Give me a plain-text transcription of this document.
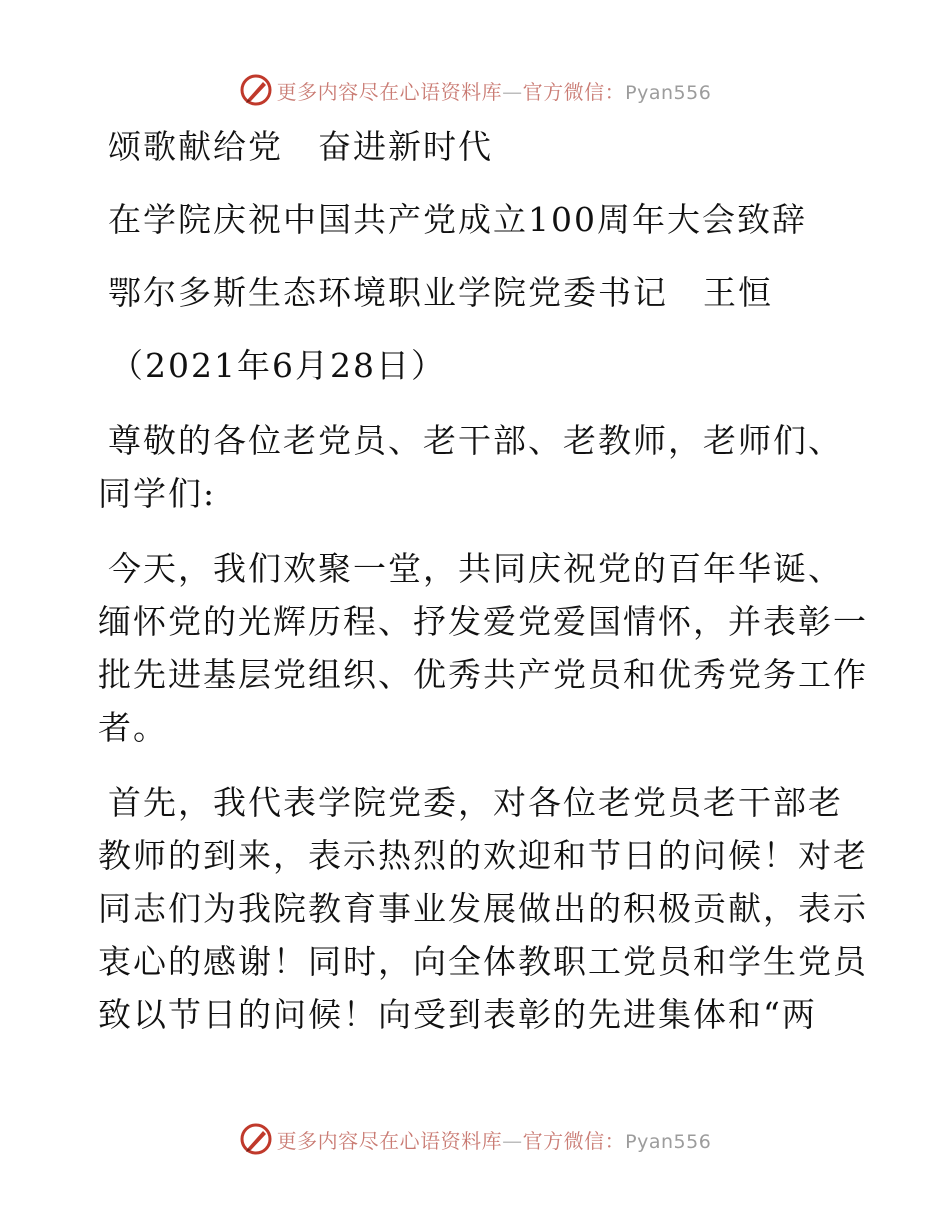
更多内容尽在心语资料库—官方微信：Pyan556
颂歌献给党　奋进新时代
在学院庆祝中国共产党成立100周年大会致辞
鄂尔多斯生态环境职业学院党委书记　王恒
（2021年6月28日）
尊敬的各位老党员、老干部、老教师，老师们、
同学们:
今天，我们欢聚一堂，共同庆祝党的百年华诞、
缅怀党的光辉历程、抒发爱党爱国情怀，并表彰一
批先进基层党组织、优秀共产党员和优秀党务工作
者。
首先，我代表学院党委，对各位老党员老干部老
教师的到来，表示热烈的欢迎和节日的问候！对老
同志们为我院教育事业发展做出的积极贡献，表示
衷心的感谢！同时，向全体教职工党员和学生党员
致以节日的问候！向受到表彰的先进集体和“两
更多内容尽在心语资料库—官方微信：Pyan556
